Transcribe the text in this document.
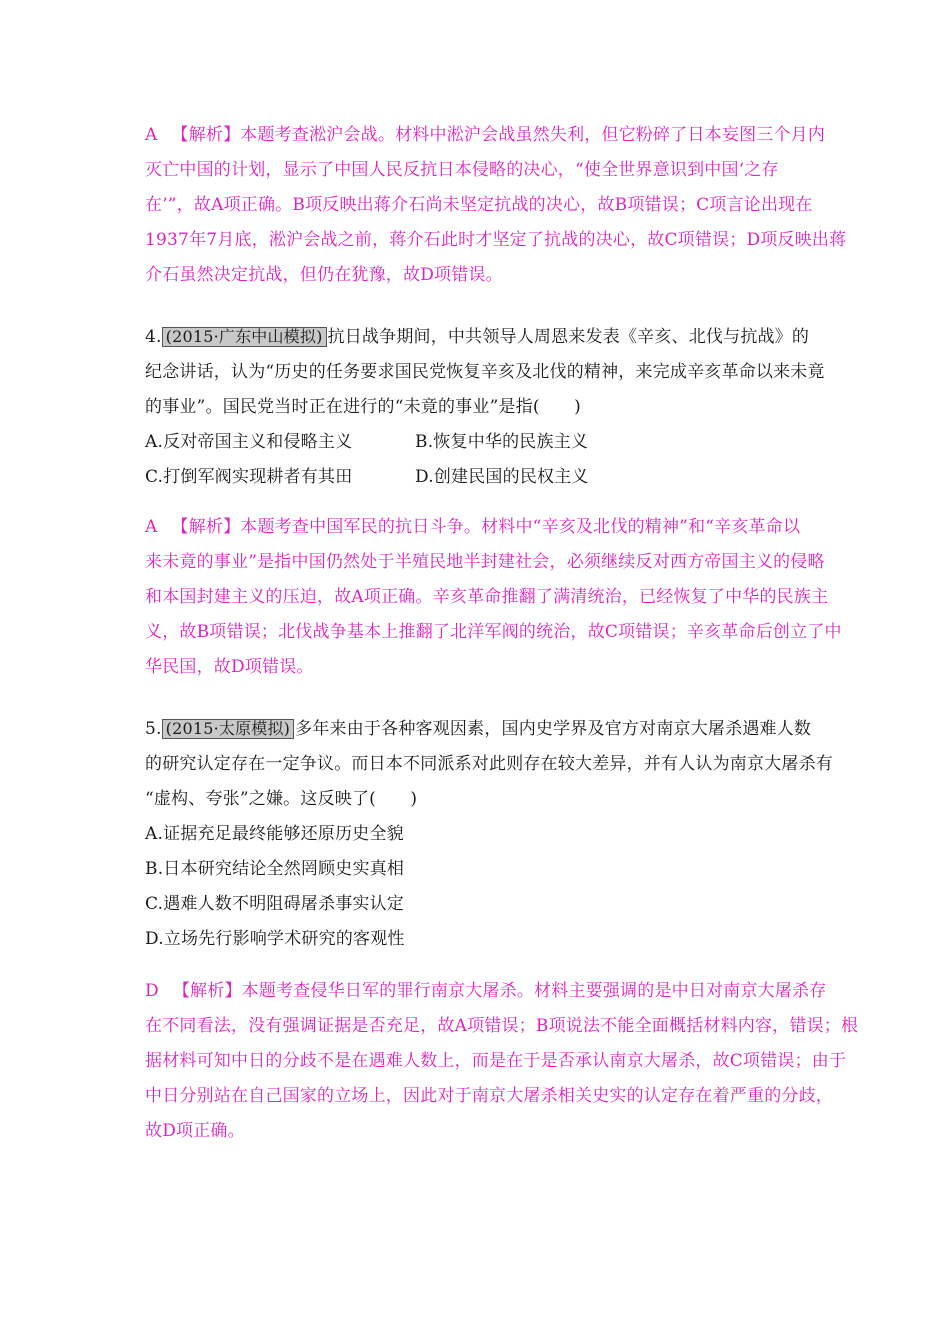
A 【解析】本题考查淞沪会战。材料中淞沪会战虽然失利，但它粉碎了日本妄图三个月内
灭亡中国的计划，显示了中国人民反抗日本侵略的决心，“使全世界意识到中国‘之存
在’”，故A项正确。B项反映出蒋介石尚未坚定抗战的决心，故B项错误；C项言论出现在
1937年7月底，淞沪会战之前，蒋介石此时才坚定了抗战的决心，故C项错误；D项反映出蒋
介石虽然决定抗战，但仍在犹豫，故D项错误。
4. (2015·广东中山模拟) 抗日战争期间，中共领导人周恩来发表《辛亥、北伐与抗战》的
纪念讲话，认为“历史的任务要求国民党恢复辛亥及北伐的精神，来完成辛亥革命以来未竟
的事业”。国民党当时正在进行的“未竟的事业”是指(　　)
A.反对帝国主义和侵略主义	B.恢复中华的民族主义
C.打倒军阀实现耕者有其田	D.创建民国的民权主义
A 【解析】本题考查中国军民的抗日斗争。材料中“辛亥及北伐的精神”和“辛亥革命以
来未竟的事业”是指中国仍然处于半殖民地半封建社会，必须继续反对西方帝国主义的侵略
和本国封建主义的压迫，故A项正确。辛亥革命推翻了满清统治，已经恢复了中华的民族主
义，故B项错误；北伐战争基本上推翻了北洋军阀的统治，故C项错误；辛亥革命后创立了中
华民国，故D项错误。
5. (2015·太原模拟) 多年来由于各种客观因素，国内史学界及官方对南京大屠杀遇难人数
的研究认定存在一定争议。而日本不同派系对此则存在较大差异，并有人认为南京大屠杀有
“虚构、夸张”之嫌。这反映了(　　)
A.证据充足最终能够还原历史全貌
B.日本研究结论全然罔顾史实真相
C.遇难人数不明阻碍屠杀事实认定
D.立场先行影响学术研究的客观性
D 【解析】本题考查侵华日军的罪行南京大屠杀。材料主要强调的是中日对南京大屠杀存
在不同看法，没有强调证据是否充足，故A项错误；B项说法不能全面概括材料内容，错误；根
据材料可知中日的分歧不是在遇难人数上，而是在于是否承认南京大屠杀，故C项错误；由于
中日分别站在自己国家的立场上，因此对于南京大屠杀相关史实的认定存在着严重的分歧，
故D项正确。
